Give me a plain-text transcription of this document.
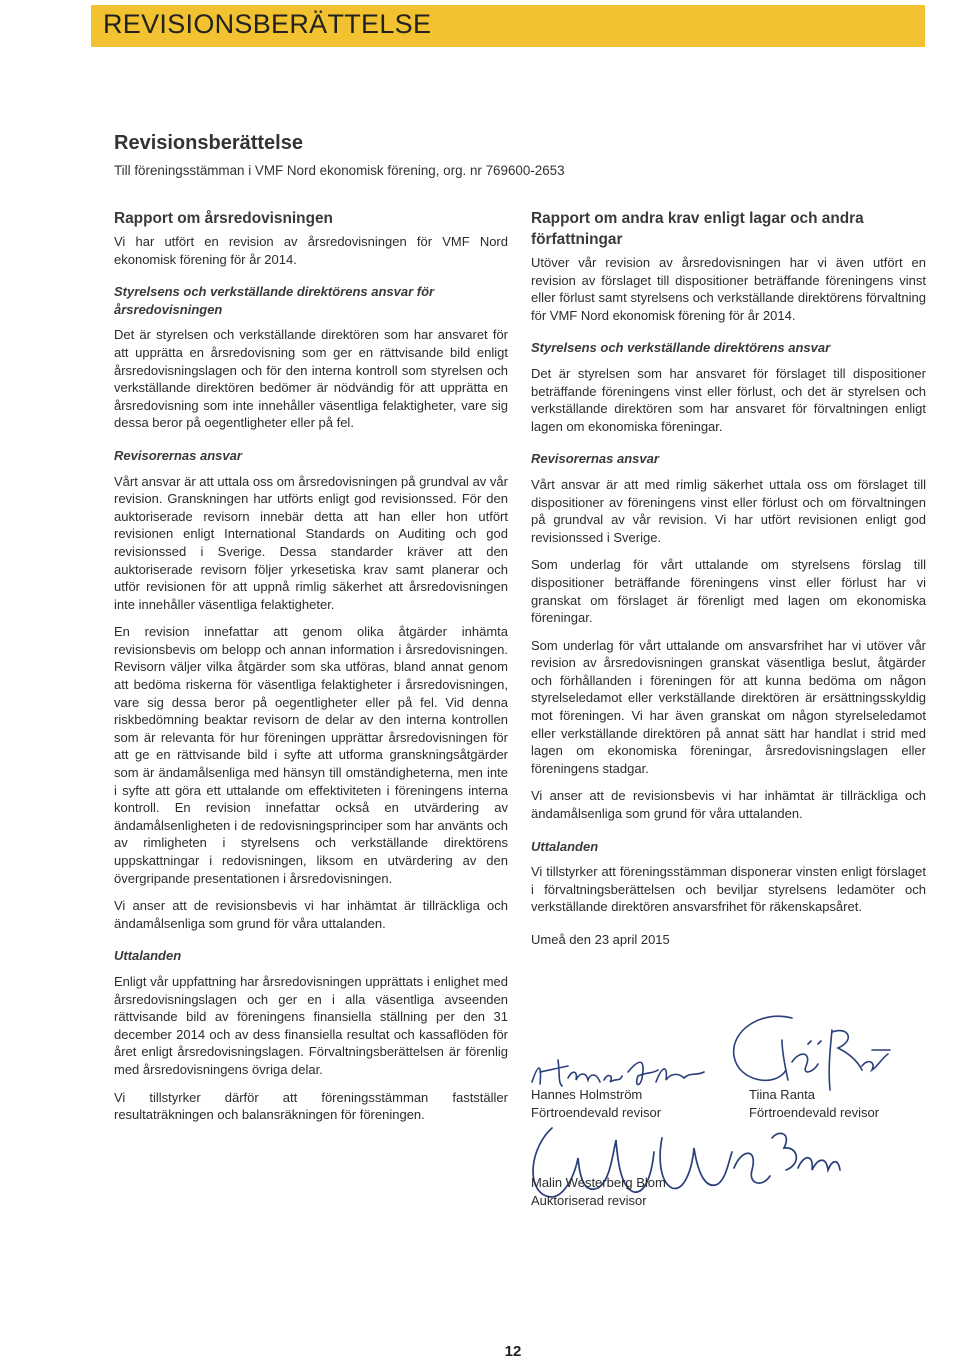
REVISIONSBERÄTTELSE
Revisionsberättelse
Till föreningsstämman i VMF Nord ekonomisk förening, org. nr 769600-2653
Rapport om årsredovisningen

Vi har utfört en revision av årsredovisningen för VMF Nord ekonomisk förening för år 2014.

Styrelsens och verkställande direktörens ansvar för årsredovisningen

Det är styrelsen och verkställande direktören som har ansvaret för att upprätta en årsredovisning som ger en rättvisande bild enligt årsredovisningslagen och för den interna kontroll som styrelsen och verkställande direktören bedömer är nödvändig för att upprätta en årsredovisning som inte innehåller väsentliga felaktigheter, vare sig dessa beror på oegentligheter eller på fel.

Revisorernas ansvar

Vårt ansvar är att uttala oss om årsredovisningen på grundval av vår revision. Granskningen har utförts enligt god revisionssed. För den auktoriserade revisorn innebär detta att han eller hon utfört revisionen enligt International Standards on Auditing och god revisionssed i Sverige. Dessa standarder kräver att den auktoriserade revisorn följer yrkesetiska krav samt planerar och utför revisionen för att uppnå rimlig säkerhet att årsredovisningen inte innehåller väsentliga felaktigheter.

En revision innefattar att genom olika åtgärder inhämta revisionsbevis om belopp och annan information i årsredovisningen. Revisorn väljer vilka åtgärder som ska utföras, bland annat genom att bedöma riskerna för väsentliga felaktigheter i årsredovisningen, vare sig dessa beror på oegentligheter eller på fel. Vid denna riskbedömning beaktar revisorn de delar av den interna kontrollen som är relevanta för hur föreningen upprättar årsredovisningen för att ge en rättvisande bild i syfte att utforma granskningsåtgärder som är ändamålsenliga med hänsyn till omständigheterna, men inte i syfte att göra ett uttalande om effektiviteten i föreningens interna kontroll. En revision innefattar också en utvärdering av ändamålsenligheten i de redovisningsprinciper som har använts och av rimligheten i styrelsens och verkställande direktörens uppskattningar i redovisningen, liksom en utvärdering av den övergripande presentationen i årsredovisningen.

Vi anser att de revisionsbevis vi har inhämtat är tillräckliga och ändamålsenliga som grund för våra uttalanden.

Uttalanden

Enligt vår uppfattning har årsredovisningen upprättats i enlighet med årsredovisningslagen och ger en i alla väsentliga avseenden rättvisande bild av föreningens finansiella ställning per den 31 december 2014 och av dess finansiella resultat och kassaflöden för året enligt årsredovisningslagen. Förvaltningsberättelsen är förenlig med årsredovisningens övriga delar.

Vi tillstyrker därför att föreningsstämman fastställer resultaträkningen och balansräkningen för föreningen.

Rapport om andra krav enligt lagar och andra författningar

Utöver vår revision av årsredovisningen har vi även utfört en revision av förslaget till dispositioner beträffande föreningens vinst eller förlust samt styrelsens och verkställande direktörens förvaltning för VMF Nord ekonomisk förening för år 2014.

Styrelsens och verkställande direktörens ansvar

Det är styrelsen som har ansvaret för förslaget till dispositioner beträffande föreningens vinst eller förlust, och det är styrelsen och verkställande direktören som har ansvaret för förvaltningen enligt lagen om ekonomiska föreningar.

Revisorernas ansvar

Vårt ansvar är att med rimlig säkerhet uttala oss om förslaget till dispositioner av föreningens vinst eller förlust och om förvaltningen på grundval av vår revision. Vi har utfört revisionen enligt god revisionssed i Sverige.

Som underlag för vårt uttalande om styrelsens förslag till dispositioner beträffande föreningens vinst eller förlust har vi granskat om förslaget är förenligt med lagen om ekonomiska föreningar.

Som underlag för vårt uttalande om ansvarsfrihet har vi utöver vår revision av årsredovisningen granskat väsentliga beslut, åtgärder och förhållanden i föreningen för att kunna bedöma om någon styrelseledamot eller verkställande direktören är ersättningsskyldig mot föreningen. Vi har även granskat om någon styrelseledamot eller verkställande direktören på annat sätt har handlat i strid med lagen om ekonomiska föreningar, årsredovisningslagen eller föreningens stadgar.

Vi anser att de revisionsbevis vi har inhämtat är tillräckliga och ändamålsenliga som grund för våra uttalanden.

Uttalanden

Vi tillstyrker att föreningsstämman disponerar vinsten enligt förslaget i förvaltningsberättelsen och beviljar styrelsens ledamöter och verkställande direktören ansvarsfrihet för räkenskapsåret.

Umeå den 23 april 2015

Hannes Holmström
Förtroendevald revisor
Tiina Ranta
Förtroendevald revisor
Malin Westerberg Blom
Auktoriserad revisor
12
